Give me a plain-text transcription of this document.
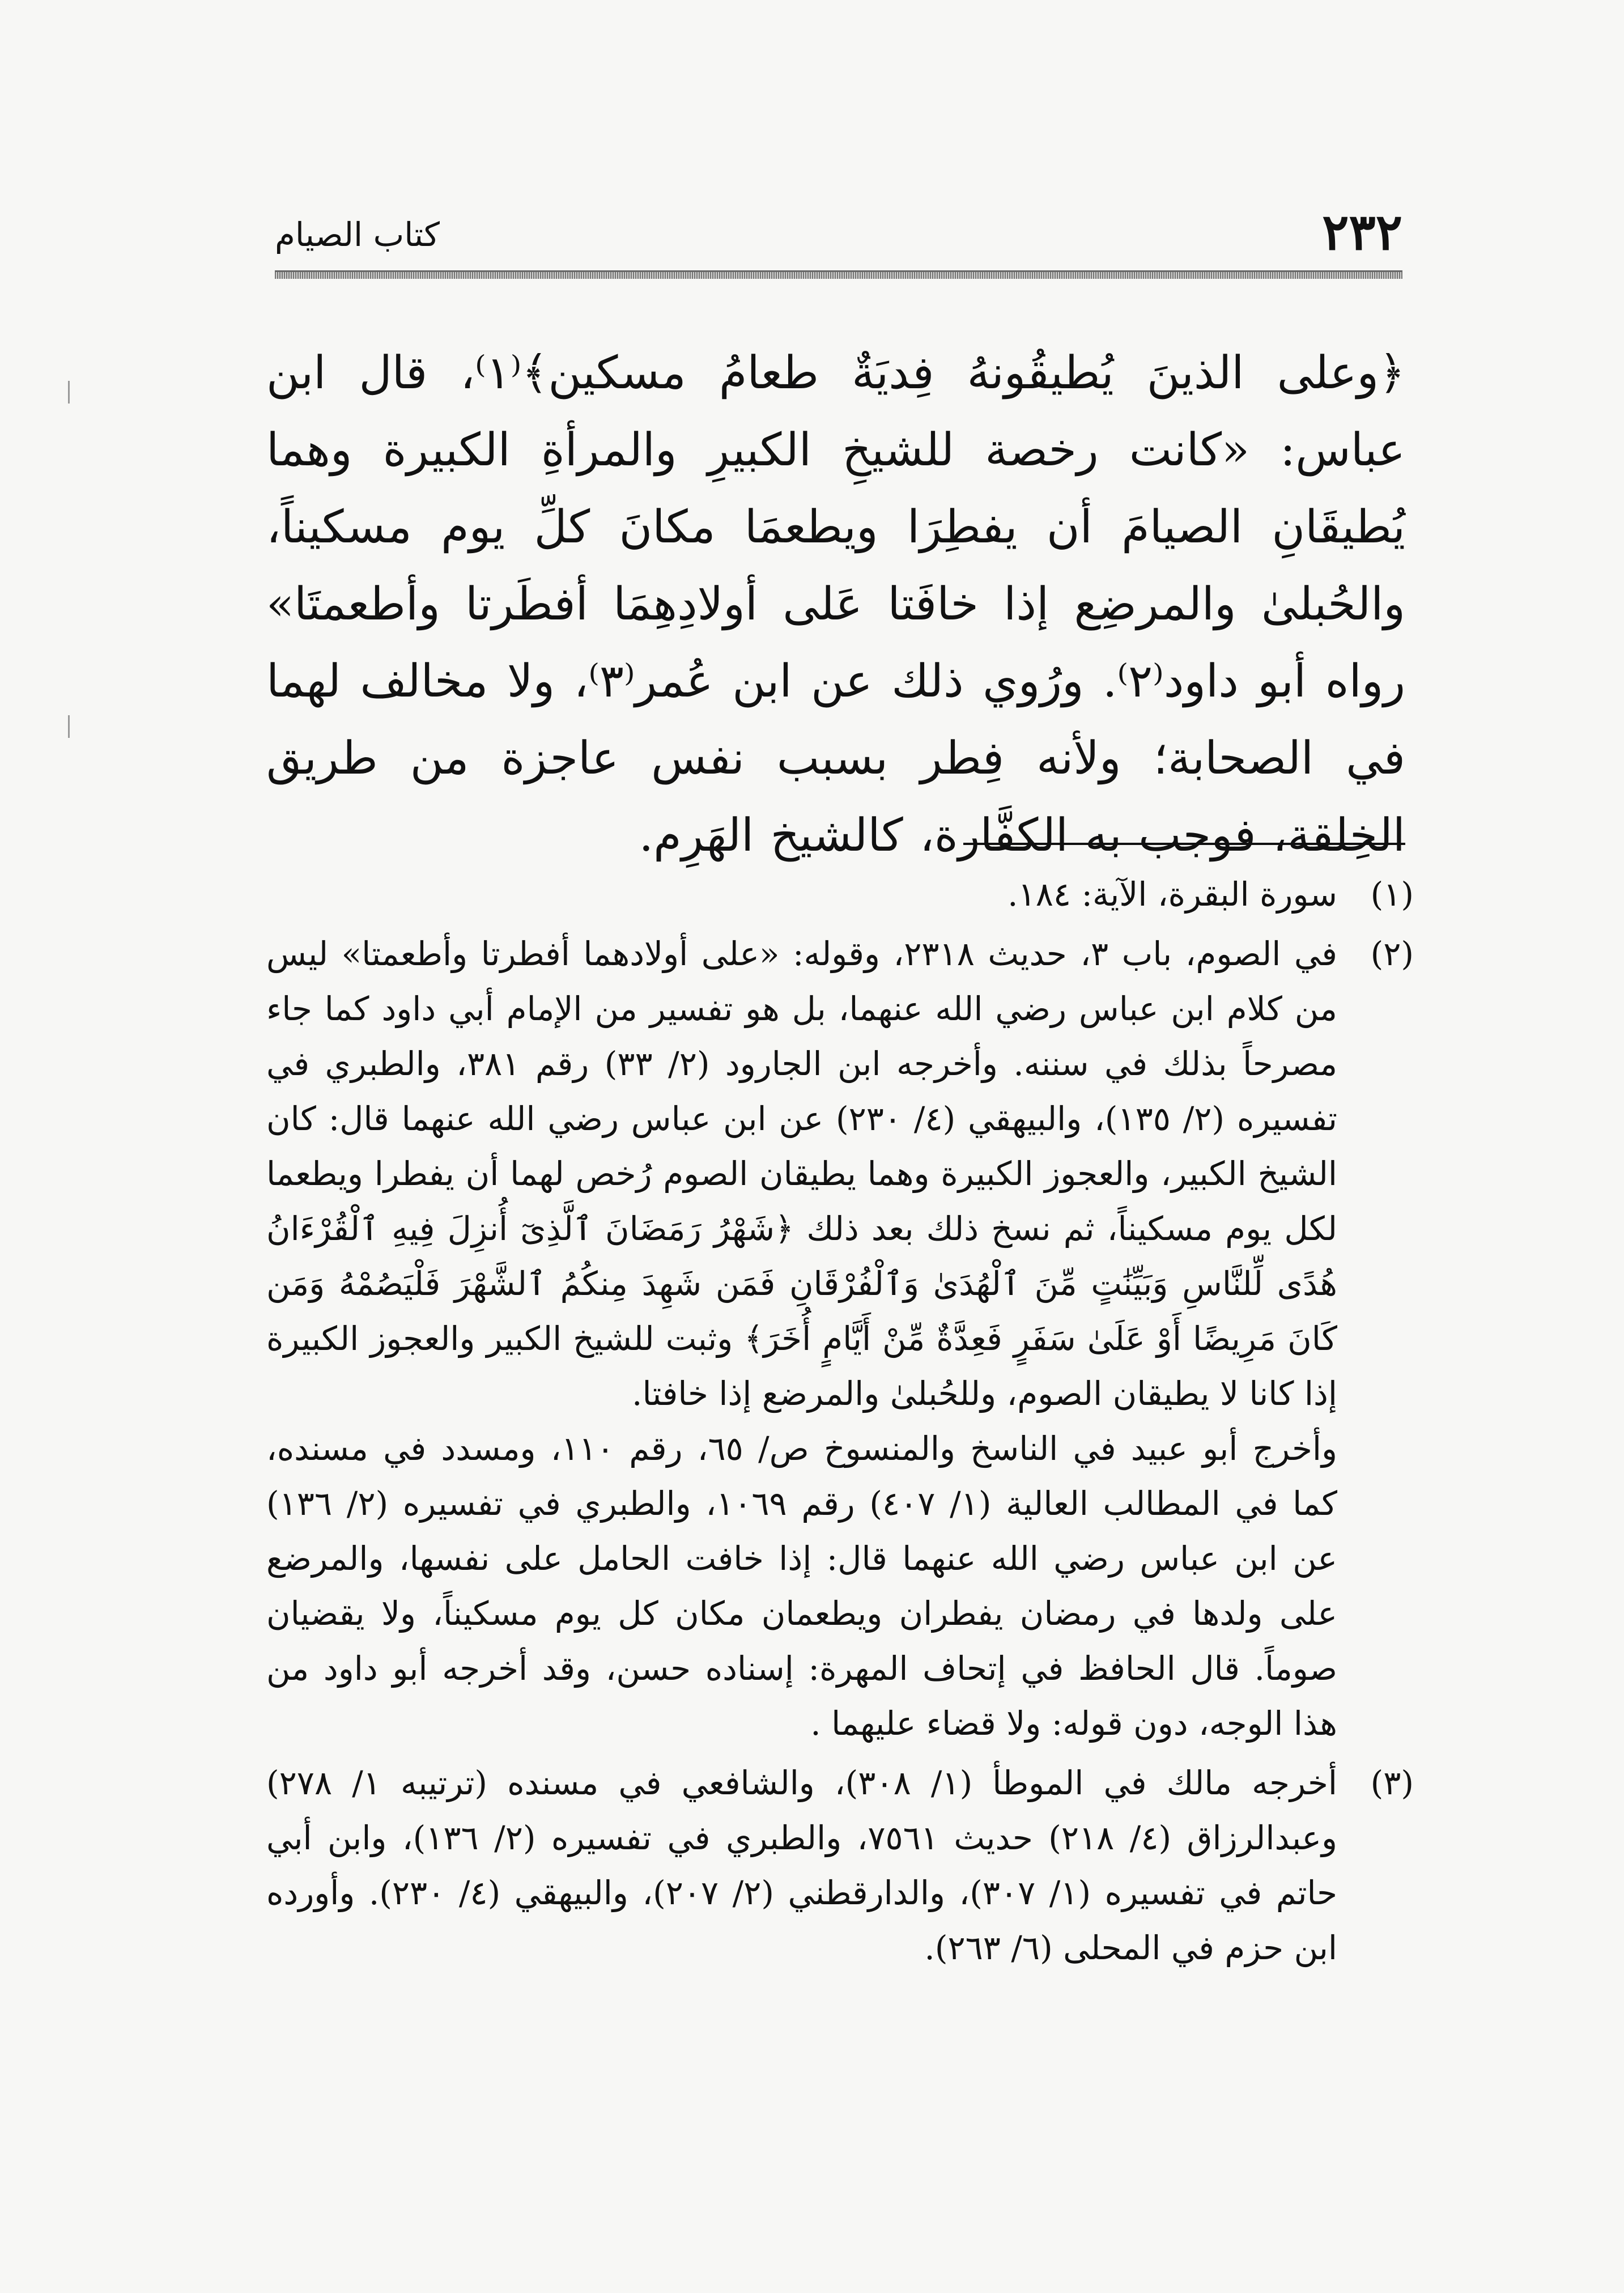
٢٣٢
كتاب الصيام

﴿وعلى الذينَ يُطيقُونهُ فِديَةٌ طعامُ مسكين﴾⁽١⁾، قال ابن عباس: «كانت رخصة للشيخِ الكبيرِ والمرأةِ الكبيرة وهما يُطيقَانِ الصيامَ أن يفطِرَا ويطعمَا مكانَ كلِّ يوم مسكيناً، والحُبلىٰ والمرضِع إذا خافَتا عَلى أولادِهِمَا أفطَرتا وأطعمتَا» رواه أبو داود⁽٢⁾. ورُوي ذلك عن ابن عُمر⁽٣⁾، ولا مخالف لهما في الصحابة؛ ولأنه فِطر بسبب نفس عاجزة من طريق الخِلقة، فوجب به الكفَّارة، كالشيخ الهَرِم.

(١)

سورة البقرة، الآية: ١٨٤.

(٢)

في الصوم، باب ٣، حديث ٢٣١٨، وقوله: «على أولادهما أفطرتا وأطعمتا» ليس من كلام ابن عباس رضي الله عنهما، بل هو تفسير من الإمام أبي داود كما جاء مصرحاً بذلك في سننه. وأخرجه ابن الجارود (٢/ ٣٣) رقم ٣٨١، والطبري في تفسيره (٢/ ١٣٥)، والبيهقي (٤/ ٢٣٠) عن ابن عباس رضي الله عنهما قال: كان الشيخ الكبير، والعجوز الكبيرة وهما يطيقان الصوم رُخص لهما أن يفطرا ويطعما لكل يوم مسكيناً، ثم نسخ ذلك بعد ذلك ﴿شَهْرُ رَمَضَانَ ٱلَّذِىٓ أُنزِلَ فِيهِ ٱلْقُرْءَانُ هُدًى لِّلنَّاسِ وَبَيِّنَٰتٍ مِّنَ ٱلْهُدَىٰ وَٱلْفُرْقَانِ فَمَن شَهِدَ مِنكُمُ ٱلشَّهْرَ فَلْيَصُمْهُ وَمَن كَانَ مَرِيضًا أَوْ عَلَىٰ سَفَرٍ فَعِدَّةٌ مِّنْ أَيَّامٍ أُخَرَ﴾ وثبت للشيخ الكبير والعجوز الكبيرة إذا كانا لا يطيقان الصوم، وللحُبلىٰ والمرضع إذا خافتا.

وأخرج أبو عبيد في الناسخ والمنسوخ ص/ ٦٥، رقم ١١٠، ومسدد في مسنده، كما في المطالب العالية (١/ ٤٠٧) رقم ١٠٦٩، والطبري في تفسيره (٢/ ١٣٦) عن ابن عباس رضي الله عنهما قال: إذا خافت الحامل على نفسها، والمرضع على ولدها في رمضان يفطران ويطعمان مكان كل يوم مسكيناً، ولا يقضيان صوماً. قال الحافظ في إتحاف المهرة: إسناده حسن، وقد أخرجه أبو داود من هذا الوجه، دون قوله: ولا قضاء عليهما .

(٣)

أخرجه مالك في الموطأ (١/ ٣٠٨)، والشافعي في مسنده (ترتيبه ١/ ٢٧٨) وعبدالرزاق (٤/ ٢١٨) حديث ٧٥٦١، والطبري في تفسيره (٢/ ١٣٦)، وابن أبي حاتم في تفسيره (١/ ٣٠٧)، والدارقطني (٢/ ٢٠٧)، والبيهقي (٤/ ٢٣٠). وأورده ابن حزم في المحلى (٦/ ٢٦٣).
